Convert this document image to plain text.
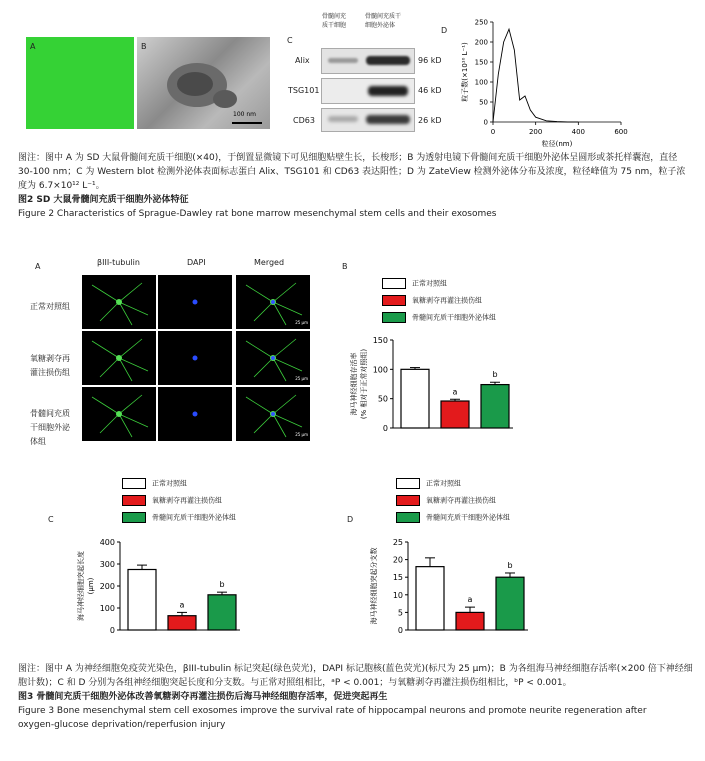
A
100 nm
B
C
骨髓间充
质干细胞
骨髓间充质干细胞外泌体
Alix	96 kD
TSG101	46 kD
CD63	26 kD
D
0	200	400	600
0
50
100
150
200
250
粒径(nm)
粒子数(×10¹⁰ L⁻¹)

图注：图中 A 为 SD 大鼠骨髓间充质干细胞(×40)，于倒置显微镜下可见细胞贴壁生长，长梭形；B 为透射电镜下骨髓间充质干细胞外泌体呈圆形或茶托样囊泡，直径 30-100 nm；C 为 Western blot 检测外泌体表面标志蛋白 Alix、TSG101 和 CD63 表达阳性；D 为 ZateView 检测外泌体分布及浓度，粒径峰值为 75 nm，粒子浓度为 6.7×10¹² L⁻¹。

图2 SD 大鼠骨髓间充质干细胞外泌体特征

Figure 2 Characteristics of Sprague-Dawley rat bone marrow mesenchymal stem cells and their exosomes

A	βIII-tubulin	DAPI	Merged
正常对照组
氧糖剥夺再灌注损伤组
骨髓间充质干细胞外泌体组
25 μm
25 μm
25 μm
B
正常对照组
氧糖剥夺再灌注损伤组
骨髓间充质干细胞外泌体组
0
50
100
150
a
b
海马神经细胞存活率 (% 相对于正常对照组)
正常对照组
氧糖剥夺再灌注损伤组
骨髓间充质干细胞外泌体组
C
0
100
200
300
400
a
b
海马神经细胞突起长度 (μm)
正常对照组
氧糖剥夺再灌注损伤组
骨髓间充质干细胞外泌体组
D
0
5
10
15
20
25
a
b
海马神经细胞突起分支数

图注：图中 A 为神经细胞免疫荧光染色，βIII-tubulin 标记突起(绿色荧光)，DAPI 标记胞核(蓝色荧光)(标尺为 25 μm)；B 为各组海马神经细胞存活率(×200 倍下神经细胞计数)；C 和 D 分别为各组神经细胞突起长度和分支数。与正常对照组相比，ᵃP < 0.001；与氧糖剥夺再灌注损伤组相比，ᵇP < 0.001。

图3 骨髓间充质干细胞外泌体改善氧糖剥夺再灌注损伤后海马神经细胞存活率，促进突起再生

Figure 3 Bone mesenchymal stem cell exosomes improve the survival rate of hippocampal neurons and promote neurite regeneration after

oxygen-glucose deprivation/reperfusion injury
